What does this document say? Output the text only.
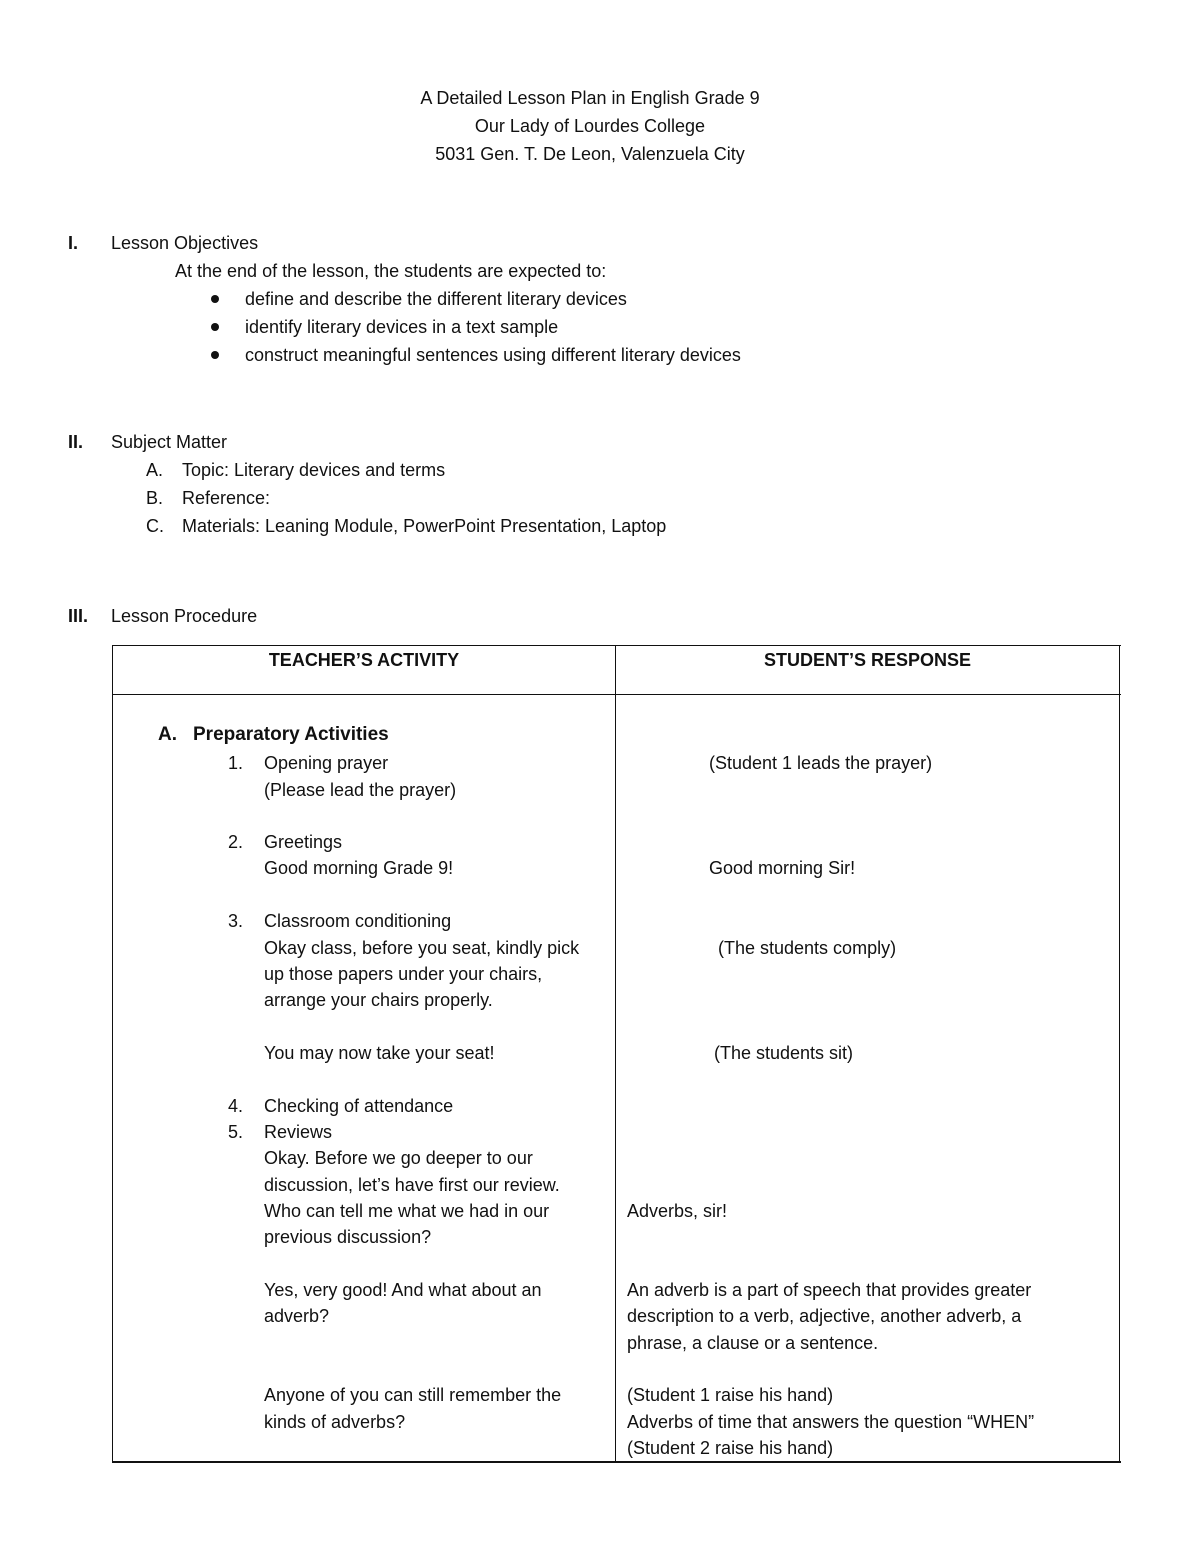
A Detailed Lesson Plan in English Grade 9
Our Lady of Lourdes College
5031 Gen. T. De Leon, Valenzuela City
I. Lesson Objectives
At the end of the lesson, the students are expected to:
define and describe the different literary devices
identify literary devices in a text sample
construct meaningful sentences using different literary devices
II. Subject Matter
A. Topic: Literary devices and terms
B. Reference:
C. Materials: Leaning Module, PowerPoint Presentation, Laptop
III. Lesson Procedure
TEACHER’S ACTIVITY	STUDENT’S RESPONSE
A. Preparatory Activities
1.
2.
3.
4.
5.
Opening prayer
(Please lead the prayer)
Greetings
Good morning Grade 9!
Classroom conditioning
Okay class, before you seat, kindly pick
up those papers under your chairs,
arrange your chairs properly.
You may now take your seat!
Checking of attendance
Reviews
Okay. Before we go deeper to our
discussion, let’s have first our review.
Who can tell me what we had in our
previous discussion?
Yes, very good! And what about an
adverb?
Anyone of you can still remember the
kinds of adverbs?
(Student 1 leads the prayer)
Good morning Sir!
(The students comply)
(The students sit)
Adverbs, sir!
An adverb is a part of speech that provides greater
description to a verb, adjective, another adverb, a
phrase, a clause or a sentence.
(Student 1 raise his hand)
Adverbs of time that answers the question “WHEN”
(Student 2 raise his hand)
